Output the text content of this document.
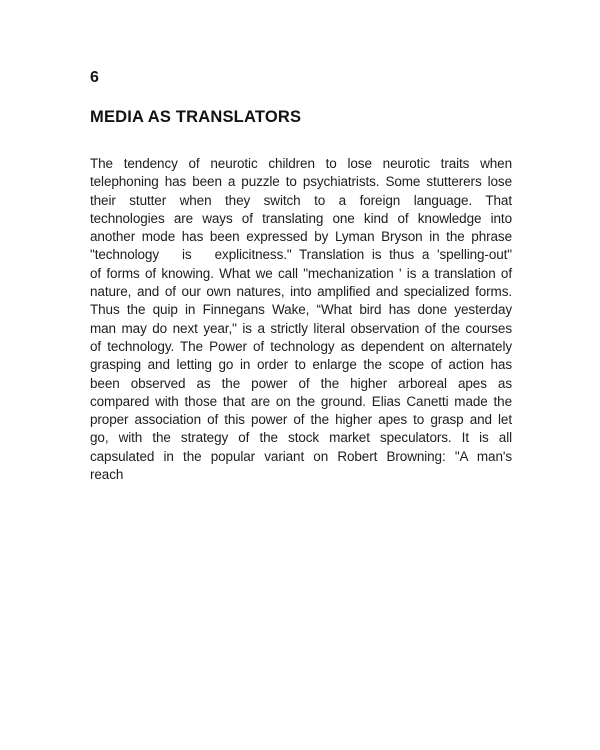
6
MEDIA AS TRANSLATORS
The tendency of neurotic children to lose neurotic traits when
telephoning has been a puzzle to psychiatrists. Some stutterers lose
their stutter when they switch to a foreign language. That
technologies are ways of translating one kind of knowledge into
another mode has been expressed by Lyman Bryson in the phrase
"technology   is   explicitness." Translation is thus a 'spelling-out"
of forms of knowing. What we call "mechanization ' is a translation of
nature, and of our own natures, into amplified and specialized forms.
Thus the quip in Finnegans Wake, “What bird has done yesterday
man may do next year," is a strictly literal observation of the courses
of technology. The Power of technology as dependent on alternately
grasping and letting go in order to enlarge the scope of action has
been observed as the power of the higher arboreal apes as
compared with those that are on the ground. Elias Canetti made the
proper association of this power of the higher apes to grasp and let
go, with the strategy of the stock market speculators. It is all
capsulated in the popular variant on Robert Browning: "A man's
reach
